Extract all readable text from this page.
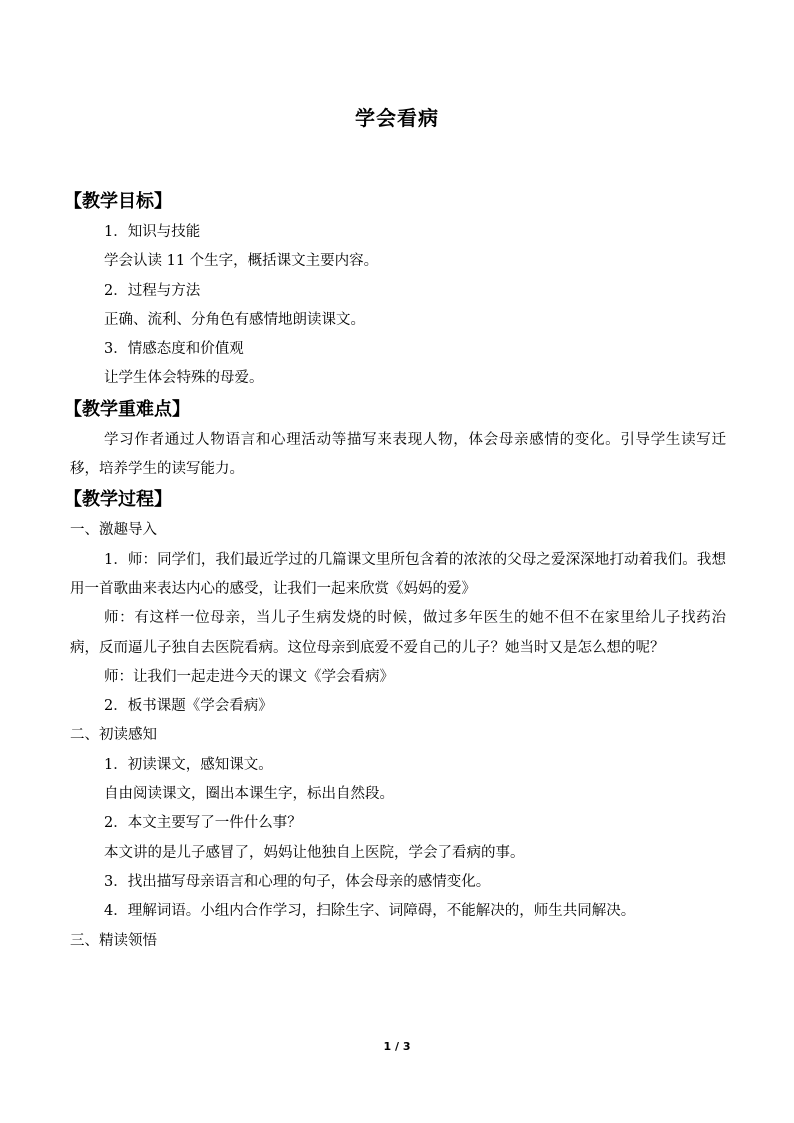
学会看病

【教学目标】

1．知识与技能

学会认读 11 个生字，概括课文主要内容。

2．过程与方法

正确、流利、分角色有感情地朗读课文。

3．情感态度和价值观

让学生体会特殊的母爱。

【教学重难点】

学习作者通过人物语言和心理活动等描写来表现人物，体会母亲感情的变化。引导学生读写迁移，培养学生的读写能力。

【教学过程】

一、激趣导入

1．师：同学们，我们最近学过的几篇课文里所包含着的浓浓的父母之爱深深地打动着我们。我想用一首歌曲来表达内心的感受，让我们一起来欣赏《妈妈的爱》

师：有这样一位母亲，当儿子生病发烧的时候，做过多年医生的她不但不在家里给儿子找药治病，反而逼儿子独自去医院看病。这位母亲到底爱不爱自己的儿子？她当时又是怎么想的呢？

师：让我们一起走进今天的课文《学会看病》

2．板书课题《学会看病》

二、初读感知

1．初读课文，感知课文。

自由阅读课文，圈出本课生字，标出自然段。

2．本文主要写了一件什么事？

本文讲的是儿子感冒了，妈妈让他独自上医院，学会了看病的事。

3．找出描写母亲语言和心理的句子，体会母亲的感情变化。

4．理解词语。小组内合作学习，扫除生字、词障碍，不能解决的，师生共同解决。

三、精读领悟

1 / 3
